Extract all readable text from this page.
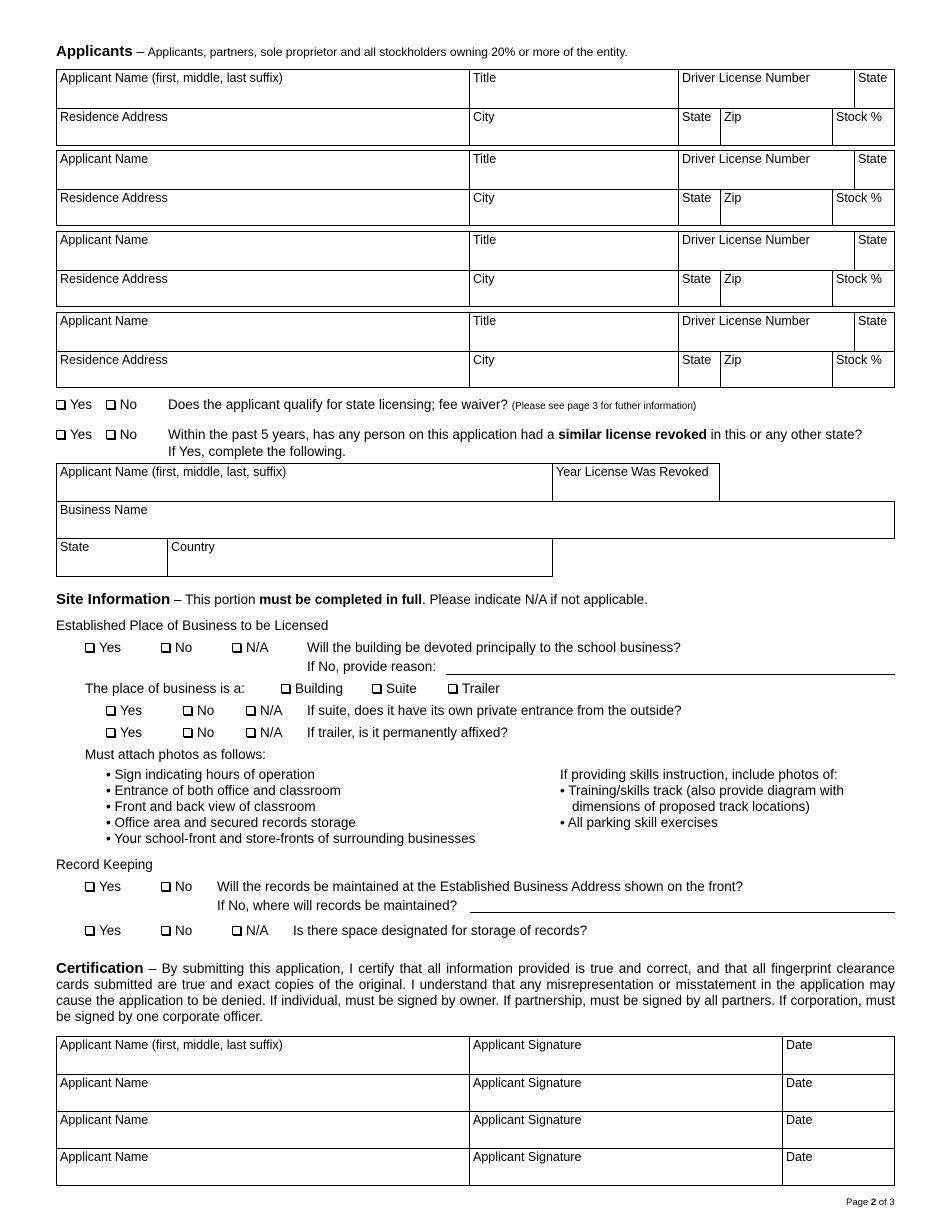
Applicants – Applicants, partners, sole proprietor and all stockholders owning 20% or more of the entity.
Applicant Name (first, middle, last suffix)	Title	Driver License Number	State
Residence Address	City	State Zip	Stock %
Applicant Name	Title	Driver License Number	State
Residence Address	City	State Zip	Stock %
Applicant Name	Title	Driver License Number	State
Residence Address	City	State Zip	Stock %
Applicant Name	Title	Driver License Number	State
Residence Address	City	State Zip	Stock %
Yes No Does the applicant qualify for state licensing; fee waiver? (Please see page 3 for futher information)
Yes No Within the past 5 years, has any person on this application had a similar license revoked in this or any other state?
If Yes, complete the following.
Applicant Name (first, middle, last, suffix)	Year License Was Revoked
Business Name
State	Country
Site Information – This portion must be completed in full. Please indicate N/A if not applicable.
Established Place of Business to be Licensed
Yes	No	N/A	Will the building be devoted principally to the school business?
If No, provide reason:
The place of business is a:	Building	Suite	Trailer
Yes	No	N/A If suite, does it have its own private entrance from the outside?
Yes	No	N/A If trailer, is it permanently affixed?
Must attach photos as follows:
• Sign indicating hours of operation
• Entrance of both office and classroom
• Front and back view of classroom
• Office area and secured records storage
• Your school-front and store-fronts of surrounding businesses
If providing skills instruction, include photos of:
• Training/skills track (also provide diagram with
dimensions of proposed track locations)
• All parking skill exercises
Record Keeping
Yes	No Will the records be maintained at the Established Business Address shown on the front?
If No, where will records be maintained?
Yes	No	N/A Is there space designated for storage of records?
Certification – By submitting this application, I certify that all information provided is true and correct, and that all fingerprint clearance cards submitted are true and exact copies of the original. I understand that any misrepresentation or misstatement in the application may cause the application to be denied. If individual, must be signed by owner. If partnership, must be signed by all partners. If corporation, must be signed by one corporate officer.
Applicant Name (first, middle, last suffix)	Applicant Signature	Date
Applicant Name	Applicant Signature	Date
Applicant Name	Applicant Signature	Date
Applicant Name	Applicant Signature	Date
Page 2 of 3
